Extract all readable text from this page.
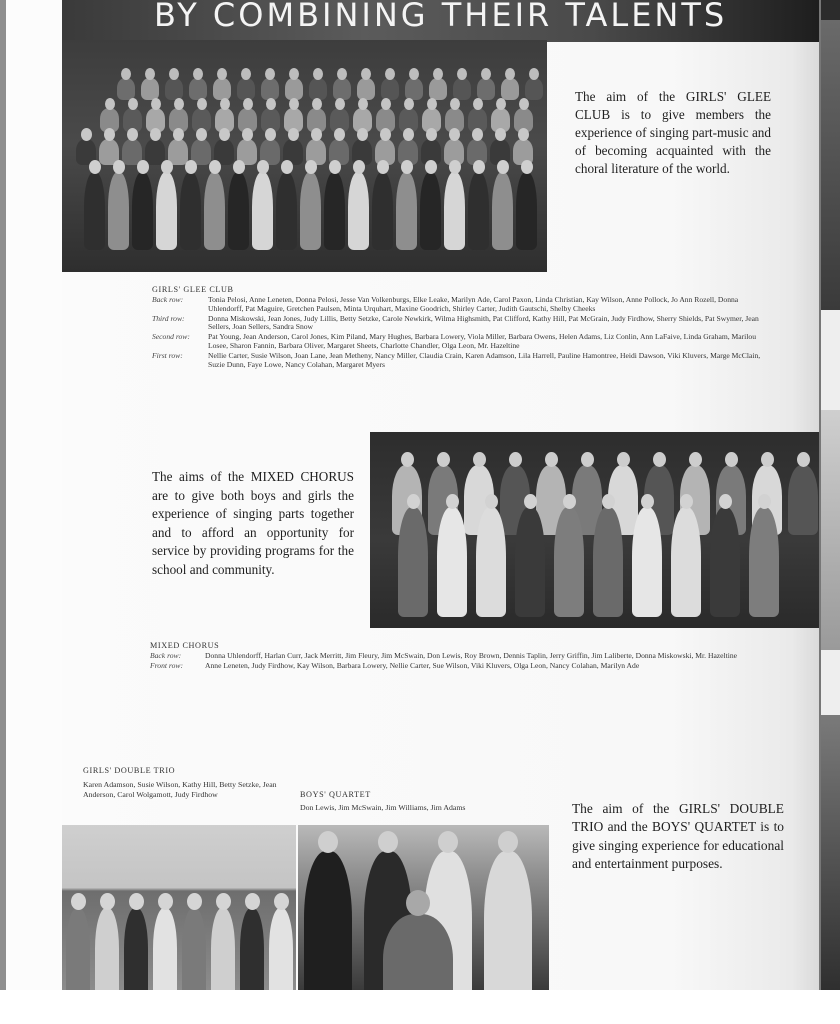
BY COMBINING THEIR TALENTS
The aim of the GIRLS' GLEE CLUB is to give members the experience of singing part-music and of becoming acquainted with the choral literature of the world.
GIRLS' GLEE CLUB
Back row:	Tonia Pelosi, Anne Leneten, Donna Pelosi, Jesse Van Volkenburgs, Elke Leake, Marilyn Ade, Carol Paxon, Linda Christian, Kay Wilson, Anne Pollock, Jo Ann Rozell, Donna Uhlendorff, Pat Maguire, Gretchen Paulsen, Minta Urquhart, Maxine Goodrich, Shirley Carter, Judith Gautschi, Shelby Cheeks
Third row:	Donna Miskowski, Jean Jones, Judy Lillis, Betty Setzke, Carole Newkirk, Wilma Highsmith, Pat Clifford, Kathy Hill, Pat McGrain, Judy Firdhow, Sherry Shields, Pat Swymer, Jean Sellers, Joan Sellers, Sandra Snow
Second row:	Pat Young, Jean Anderson, Carol Jones, Kim Piland, Mary Hughes, Barbara Lowery, Viola Miller, Barbara Owens, Helen Adams, Liz Conlin, Ann LaFaive, Linda Graham, Marilou Losee, Sharon Fannin, Barbara Oliver, Margaret Sheets, Charlotte Chandler, Olga Leon, Mr. Hazeltine
First row:	Nellie Carter, Susie Wilson, Joan Lane, Jean Metheny, Nancy Miller, Claudia Crain, Karen Adamson, Lila Harrell, Pauline Hamontree, Heidi Dawson, Viki Kluvers, Marge McClain, Suzie Dunn, Faye Lowe, Nancy Colahan, Margaret Myers
The aims of the MIXED CHORUS are to give both boys and girls the experience of singing parts together and to afford an opportunity for service by providing programs for the school and community.
MIXED CHORUS
Back row:	Donna Uhlendorff, Harlan Curr, Jack Merritt, Jim Fleury, Jim McSwain, Don Lewis, Roy Brown, Dennis Taplin, Jerry Griffin, Jim Laliberte, Donna Miskowski, Mr. Hazeltine
Front row:	Anne Leneten, Judy Firdhow, Kay Wilson, Barbara Lowery, Nellie Carter, Sue Wilson, Viki Kluvers, Olga Leon, Nancy Colahan, Marilyn Ade
GIRLS' DOUBLE TRIO
Karen Adamson, Susie Wilson, Kathy Hill, Betty Setzke, Jean Anderson, Carol Wolgamott, Judy Firdhow	BOYS' QUARTET
Don Lewis, Jim McSwain, Jim Williams, Jim Adams	The aim of the GIRLS' DOUBLE TRIO and the BOYS' QUARTET is to give singing experience for educational and entertainment purposes.
